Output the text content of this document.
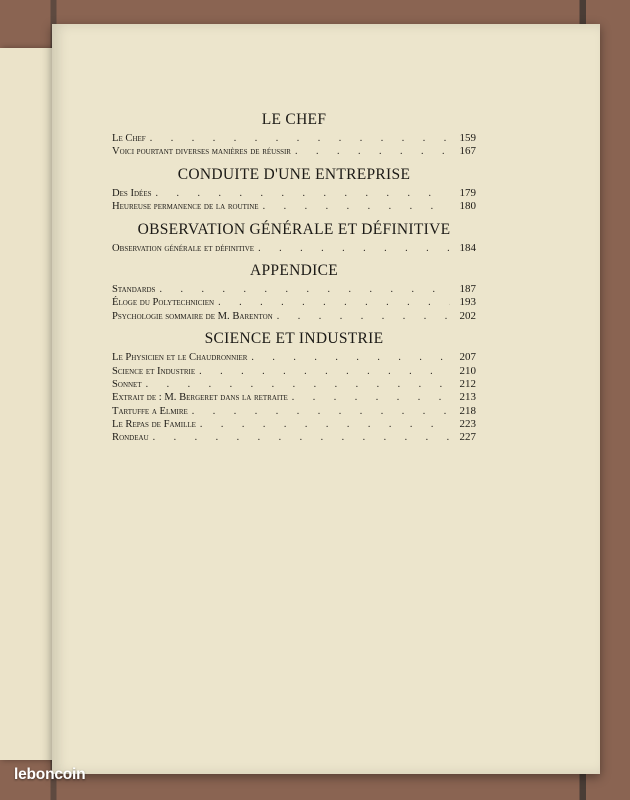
LE CHEF
Le Chef . . .	159
Voici pourtant diverses manières de réussir . . .	167
CONDUITE D'UNE ENTREPRISE
Des Idées . . .	179
Heureuse permanence de la routine . . .	180
OBSERVATION GÉNÉRALE ET DÉFINITIVE
Observation générale et définitive . . .	184
APPENDICE
Standards . . .	187
Éloge du Polytechnicien . . .	193
Psychologie sommaire de M. Barenton . . .	202
SCIENCE ET INDUSTRIE
Le Physicien et le Chaudronnier . . .	207
Science et Industrie . . .	210
Sonnet . . .	212
Extrait de : M. Bergeret dans la retraite . . .	213
Tartuffe a Elmire . . .	218
Le Repas de Famille . . .	223
Rondeau . . .	227
leboncoin
